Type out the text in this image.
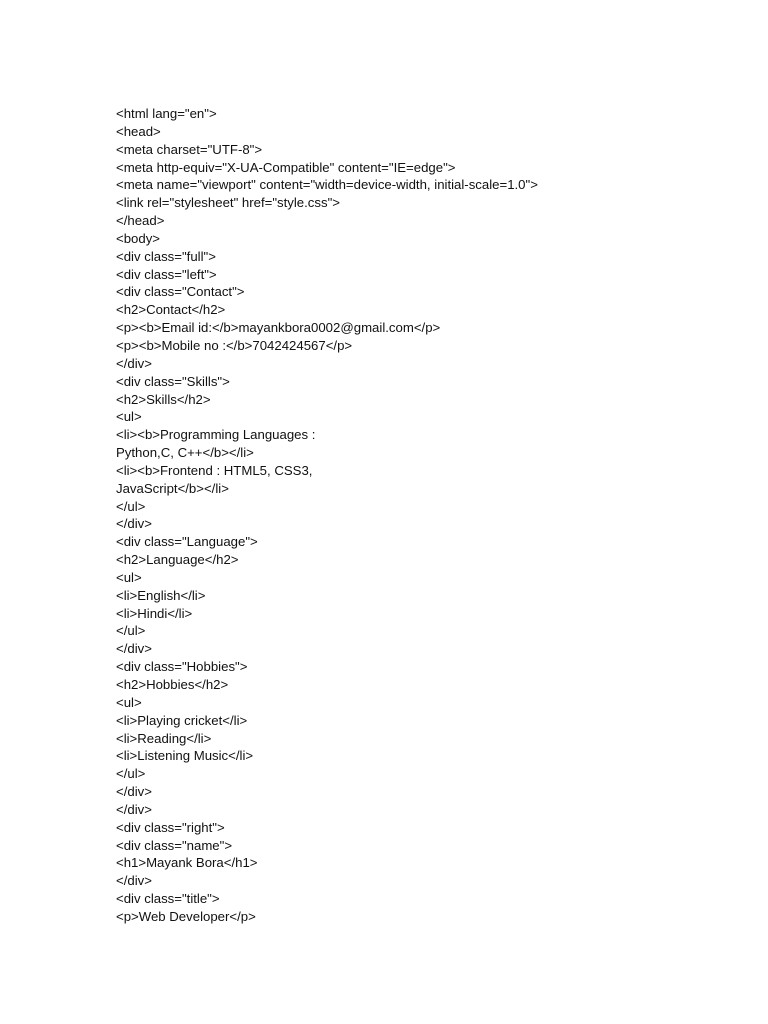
<html lang="en">
<head>
<meta charset="UTF-8">
<meta http-equiv="X-UA-Compatible" content="IE=edge">
<meta name="viewport" content="width=device-width, initial-scale=1.0">
<link rel="stylesheet" href="style.css">
</head>
<body>
<div class="full">
<div class="left">
<div class="Contact">
<h2>Contact</h2>
<p><b>Email id:</b>mayankbora0002@gmail.com</p>
<p><b>Mobile no :</b>7042424567</p>
</div>
<div class="Skills">
<h2>Skills</h2>
<ul>
<li><b>Programming Languages :
Python,C, C++</b></li>
<li><b>Frontend : HTML5, CSS3,
JavaScript</b></li>
</ul>
</div>
<div class="Language">
<h2>Language</h2>
<ul>
<li>English</li>
<li>Hindi</li>
</ul>
</div>
<div class="Hobbies">
<h2>Hobbies</h2>
<ul>
<li>Playing cricket</li>
<li>Reading</li>
<li>Listening Music</li>
</ul>
</div>
</div>
<div class="right">
<div class="name">
<h1>Mayank Bora</h1>
</div>
<div class="title">
<p>Web Developer</p>
